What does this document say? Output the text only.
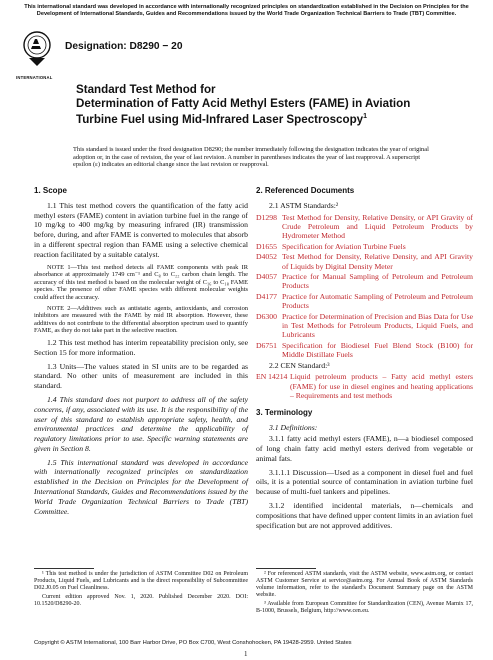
This international standard was developed in accordance with internationally recognized principles on standardization established in the Decision on Principles for the Development of International Standards, Guides and Recommendations issued by the World Trade Organization Technical Barriers to Trade (TBT) Committee.
INTERNATIONAL
Designation: D8290 − 20
Standard Test Method for
Determination of Fatty Acid Methyl Esters (FAME) in Aviation Turbine Fuel using Mid-Infrared Laser Spectroscopy$^1$
This standard is issued under the fixed designation D8290; the number immediately following the designation indicates the year of original adoption or, in the case of revision, the year of last revision. A number in parentheses indicates the year of last reapproval. A superscript epsilon (ε) indicates an editorial change since the last revision or reapproval.
1. Scope

1.1 This test method covers the quantification of the fatty acid methyl esters (FAME) content in aviation turbine fuel in the range of 10 mg/kg to 400 mg/kg by measuring infrared (IR) transmission before, during, and after FAME is converted to molecules that absorb in a different spectral region than FAME using a selective chemical reaction facilitated by a suitable catalyst.

NOTE 1—This test method detects all FAME components with peak IR absorbance at approximately 1749 cm⁻¹ and C₈ to C₂₂ carbon chain length. The accuracy of this test method is based on the molecular weight of C₁₆ to C₁₈ FAME species. The presence of other FAME species with different molecular weights could affect the accuracy.

NOTE 2—Additives such as antistatic agents, antioxidants, and corrosion inhibitors are measured with the FAME by mid IR absorption. However, these additives do not contribute to the differential absorption spectrum used to quantify FAME, as they do not take part in the selective reaction.

1.2 This test method has interim repeatability precision only, see Section 15 for more information.

1.3 Units—The values stated in SI units are to be regarded as standard. No other units of measurement are included in this standard.

1.4 This standard does not purport to address all of the safety concerns, if any, associated with its use. It is the responsibility of the user of this standard to establish appropriate safety, health, and environmental practices and determine the applicability of regulatory limitations prior to use. Specific warning statements are given in Section 8.

1.5 This international standard was developed in accordance with internationally recognized principles on standardization established in the Decision on Principles for the Development of International Standards, Guides and Recommendations issued by the World Trade Organization Technical Barriers to Trade (TBT) Committee.

2. Referenced Documents

2.1 ASTM Standards:²

D1298 Test Method for Density, Relative Density, or API Gravity of Crude Petroleum and Liquid Petroleum Products by Hydrometer Method
D1655 Specification for Aviation Turbine Fuels
D4052 Test Method for Density, Relative Density, and API Gravity of Liquids by Digital Density Meter
D4057 Practice for Manual Sampling of Petroleum and Petroleum Products
D4177 Practice for Automatic Sampling of Petroleum and Petroleum Products
D6300 Practice for Determination of Precision and Bias Data for Use in Test Methods for Petroleum Products, Liquid Fuels, and Lubricants
D6751 Specification for Biodiesel Fuel Blend Stock (B100) for Middle Distillate Fuels

2.2 CEN Standard:³

EN 14214 Liquid petroleum products – Fatty acid methyl esters (FAME) for use in diesel engines and heating applications – Requirements and test methods
3. Terminology

3.1 Definitions:

3.1.1 fatty acid methyl esters (FAME), n—a biodiesel composed of long chain fatty acid methyl esters derived from vegetable or animal fats.

3.1.1.1 Discussion—Used as a component in diesel fuel and fuel oils, it is a potential source of contamination in aviation turbine fuel because of multi-fuel tankers and pipelines.

3.1.2 identified incidental materials, n—chemicals and compositions that have defined upper content limits in an aviation fuel specification but are not approved additives.

¹ This test method is under the jurisdiction of ASTM Committee D02 on Petroleum Products, Liquid Fuels, and Lubricants and is the direct responsibility of Subcommittee D02.J0.05 on Fuel Cleanliness.

Current edition approved Nov. 1, 2020. Published December 2020. DOI: 10.1520/D8290-20.

² For referenced ASTM standards, visit the ASTM website, www.astm.org, or contact ASTM Customer Service at service@astm.org. For Annual Book of ASTM Standards volume information, refer to the standard's Document Summary page on the ASTM website.

³ Available from European Committee for Standardization (CEN), Avenue Marnix 17, B-1000, Brussels, Belgium, http://www.cen.eu.

Copyright © ASTM International, 100 Barr Harbor Drive, PO Box C700, West Conshohocken, PA 19428-2959. United States
1
